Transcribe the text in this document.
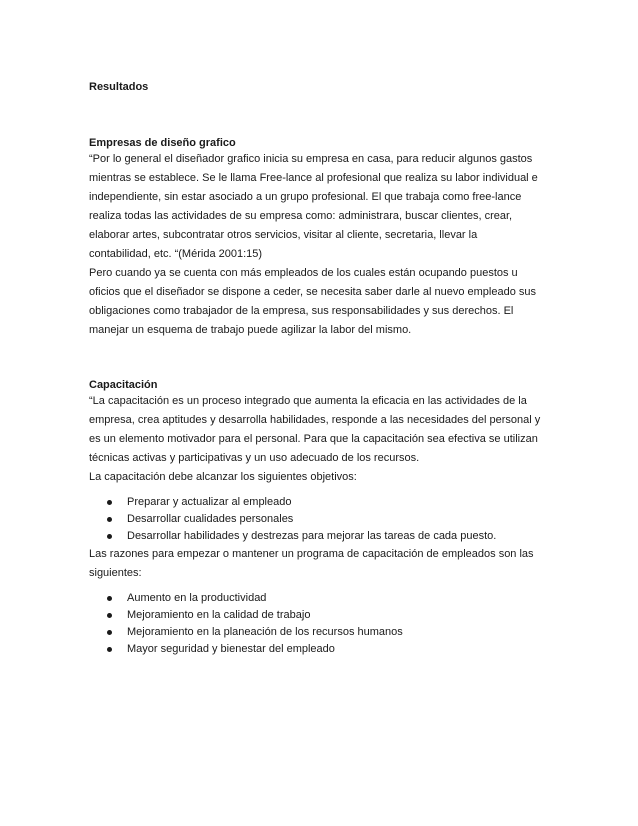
Resultados

Empresas de diseño grafico

“Por lo general el diseñador grafico inicia su empresa en casa, para reducir algunos gastos mientras se establece. Se le llama Free-lance al profesional que realiza su labor individual e independiente, sin estar asociado a un grupo profesional. El que trabaja como free-lance realiza todas las actividades de su empresa como: administrara, buscar clientes, crear, elaborar artes, subcontratar otros servicios, visitar al cliente, secretaria, llevar la contabilidad, etc. “(Mérida 2001:15)

Pero cuando ya se cuenta con más empleados de los cuales están ocupando puestos u oficios que el diseñador se dispone a ceder, se necesita saber darle al nuevo empleado sus obligaciones como trabajador de la empresa, sus responsabilidades y sus derechos. El manejar un esquema de trabajo puede agilizar la labor del mismo.

Capacitación

“La capacitación es un proceso integrado que aumenta la eficacia en las actividades de la empresa, crea aptitudes y desarrolla habilidades, responde a las necesidades del personal y es un elemento motivador para el personal. Para que la capacitación sea efectiva se utilizan técnicas activas y participativas y un uso adecuado de los recursos.

La capacitación debe alcanzar los siguientes objetivos:

Preparar y actualizar al empleado
Desarrollar cualidades personales
Desarrollar habilidades y destrezas para mejorar las tareas de cada puesto.

Las razones para empezar o mantener un programa de capacitación de empleados son las siguientes:

Aumento en la productividad
Mejoramiento en la calidad de trabajo
Mejoramiento en la planeación de los recursos humanos
Mayor seguridad y bienestar del empleado
